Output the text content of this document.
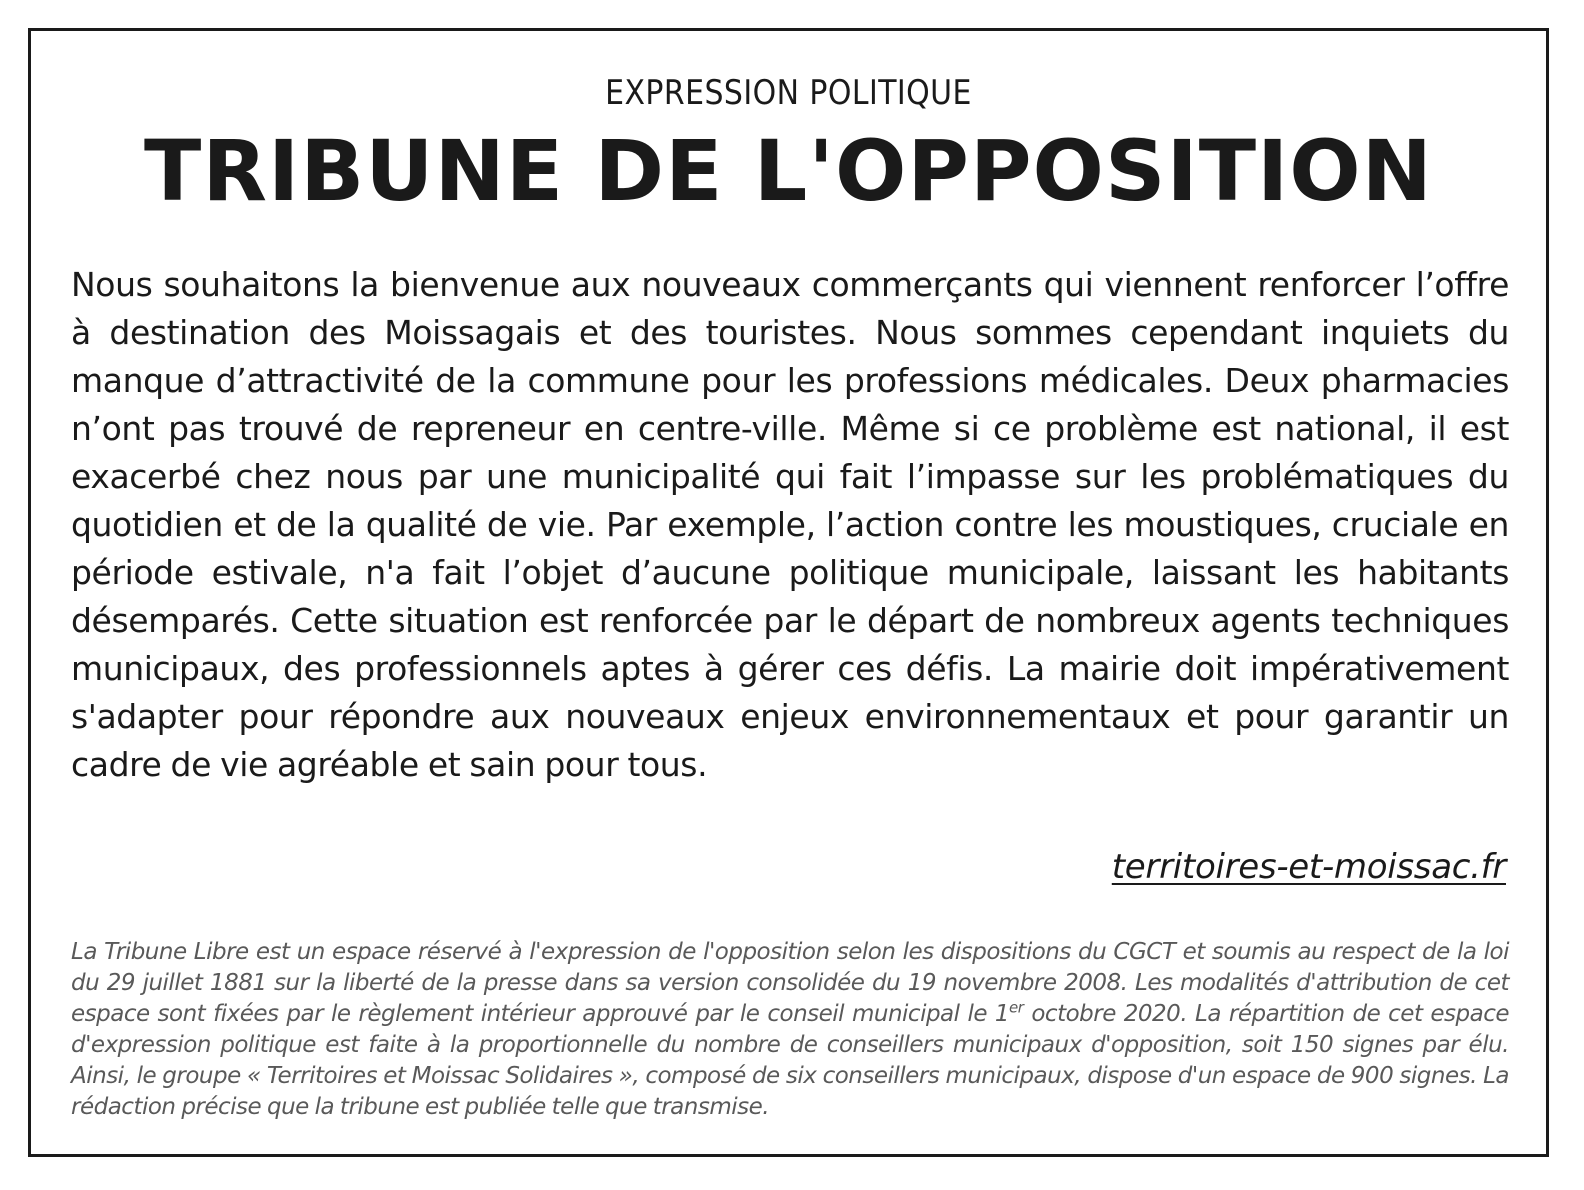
EXPRESSION POLITIQUE
TRIBUNE DE L'OPPOSITION
Nous souhaitons la bienvenue aux nouveaux commerçants qui viennent renforcer l’offre à destination des Moissagais et des touristes. Nous sommes cependant inquiets du manque d’attractivité de la commune pour les professions médicales. Deux pharmacies n’ont pas trouvé de repreneur en centre-ville. Même si ce problème est national, il est exacerbé chez nous par une municipalité qui fait l’impasse sur les problématiques du quotidien et de la qualité de vie. Par exemple, l’action contre les moustiques, cruciale en période estivale, n'a fait l’objet d’aucune politique municipale, laissant les habitants désemparés. Cette situation est renforcée par le départ de nombreux agents techniques municipaux, des professionnels aptes à gérer ces défis. La mairie doit impérativement s'adapter pour répondre aux nouveaux enjeux environnementaux et pour garantir un cadre de vie agréable et sain pour tous.
territoires-et-moissac.fr
La Tribune Libre est un espace réservé à l'expression de l'opposition selon les dispositions du CGCT et soumis au respect de la loi du 29 juillet 1881 sur la liberté de la presse dans sa version consolidée du 19 novembre 2008. Les modalités d'attribution de cet espace sont fixées par le règlement intérieur approuvé par le conseil municipal le 1er octobre 2020. La répartition de cet espace d'expression politique est faite à la proportionnelle du nombre de conseillers municipaux d'opposition, soit 150 signes par élu. Ainsi, le groupe « Territoires et Moissac Solidaires », composé de six conseillers municipaux, dispose d'un espace de 900 signes. La rédaction précise que la tribune est publiée telle que transmise.
